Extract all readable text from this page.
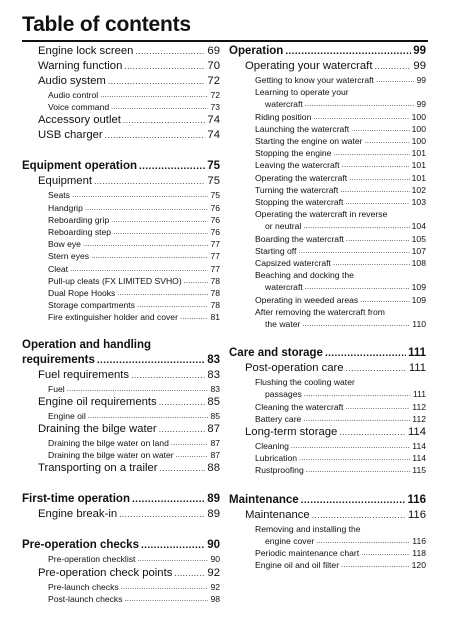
Table of contents
Engine lock screen .....	69
Warning function .....	70
Audio system .....	72
Audio control .....	72
Voice command .....	73
Accessory outlet .....	74
USB charger .....	74
Equipment operation .....	75
Equipment .....	75
Seats .....	75
Handgrip .....	76
Reboarding grip .....	76
Reboarding step .....	76
Bow eye .....	77
Stern eyes .....	77
Cleat .....	77
Pull-up cleats (FX LIMITED SVHO) .....	78
Dual Rope Hooks .....	78
Storage compartments .....	78
Fire extinguisher holder and cover .....	81
Operation and handling
requirements .....	83
Fuel requirements .....	83
Fuel .....	83
Engine oil requirements .....	85
Engine oil .....	85
Draining the bilge water .....	87
Draining the bilge water on land .....	87
Draining the bilge water on water .....	87
Transporting on a trailer .....	88
First-time operation .....	89
Engine break-in .....	89
Pre-operation checks .....	90
Pre-operation checklist .....	90
Pre-operation check points .....	92
Pre-launch checks .....	92
Post-launch checks .....	98
Operation .....	99
Operating your watercraft .....	99
Getting to know your watercraft .....	99
Learning to operate your
watercraft .....	99
Riding position .....	100
Launching the watercraft .....	100
Starting the engine on water .....	100
Stopping the engine .....	101
Leaving the watercraft .....	101
Operating the watercraft .....	101
Turning the watercraft .....	102
Stopping the watercraft .....	103
Operating the watercraft in reverse
or neutral .....	104
Boarding the watercraft .....	105
Starting off .....	107
Capsized watercraft .....	108
Beaching and docking the
watercraft .....	109
Operating in weeded areas .....	109
After removing the watercraft from
the water .....	110
Care and storage .....	111
Post-operation care .....	111
Flushing the cooling water
passages .....	111
Cleaning the watercraft .....	112
Battery care .....	112
Long-term storage .....	114
Cleaning .....	114
Lubrication .....	114
Rustproofing .....	115
Maintenance .....	116
Maintenance .....	116
Removing and installing the
engine cover .....	116
Periodic maintenance chart .....	118
Engine oil and oil filter .....	120
